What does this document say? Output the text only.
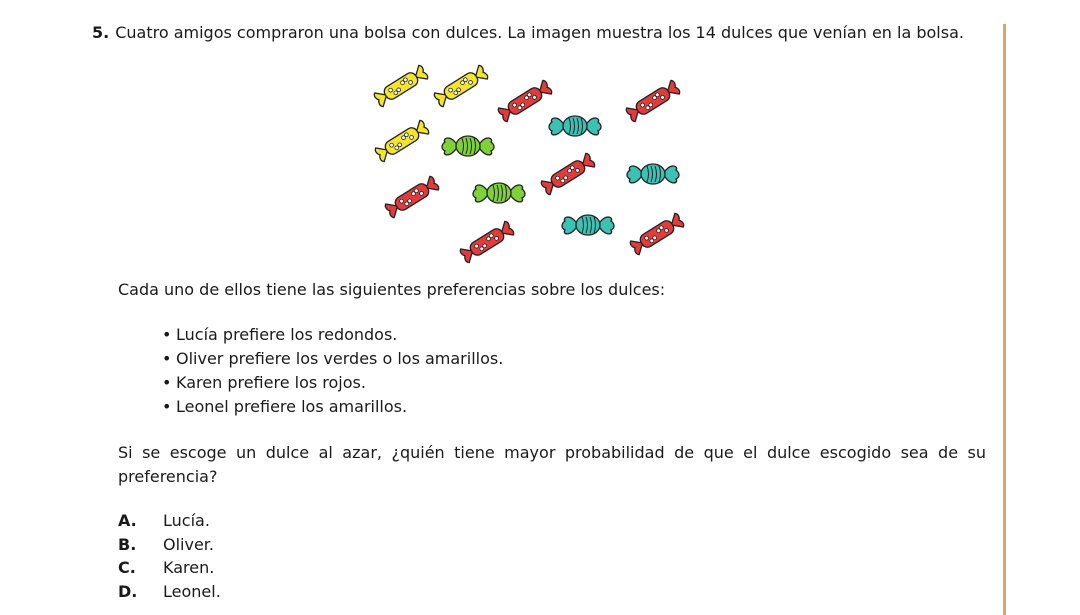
5. Cuatro amigos compraron una bolsa con dulces. La imagen muestra los 14 dulces que venían en la bolsa.
Cada uno de ellos tiene las siguientes preferencias sobre los dulces:
• Lucía prefiere los redondos.
• Oliver prefiere los verdes o los amarillos.
• Karen prefiere los rojos.
• Leonel prefiere los amarillos.
Si se escoge un dulce al azar, ¿quién tiene mayor probabilidad de que el dulce escogido sea de su preferencia?
A.	Lucía.
B.	Oliver.
C.	Karen.
D.	Leonel.
